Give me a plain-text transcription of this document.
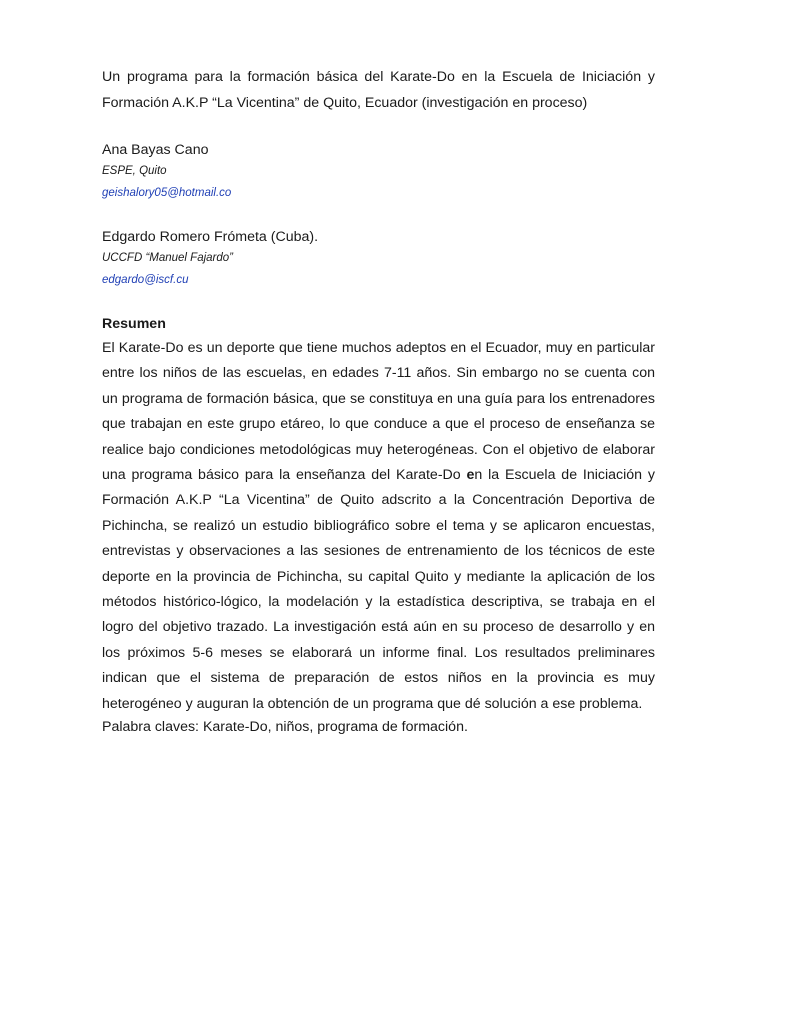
Un programa para la formación básica del Karate-Do en la Escuela de Iniciación y Formación A.K.P “La Vicentina” de Quito, Ecuador (investigación en proceso)

Ana Bayas Cano

ESPE, Quito

geishalory05@hotmail.co

Edgardo Romero Frómeta (Cuba).

UCCFD “Manuel Fajardo”

edgardo@iscf.cu

Resumen

El Karate-Do es un deporte que tiene muchos adeptos en el Ecuador, muy en particular entre los niños de las escuelas, en edades 7-11 años. Sin embargo no se cuenta con un programa de formación básica, que se constituya en una guía para los entrenadores que trabajan en este grupo etáreo, lo que conduce a que el proceso de enseñanza se realice bajo condiciones metodológicas muy heterogéneas. Con el objetivo de elaborar una programa básico para la enseñanza del Karate-Do en la Escuela de Iniciación y Formación A.K.P “La Vicentina” de Quito adscrito a la Concentración Deportiva de Pichincha, se realizó un estudio bibliográfico sobre el tema y se aplicaron encuestas, entrevistas y observaciones a las sesiones de entrenamiento de los técnicos de este deporte en la provincia de Pichincha, su capital Quito y mediante la aplicación de los métodos histórico-lógico, la modelación y la estadística descriptiva, se trabaja en el logro del objetivo trazado. La investigación está aún en su proceso de desarrollo y en los próximos 5-6 meses se elaborará un informe final. Los resultados preliminares indican que el sistema de preparación de estos niños en la provincia es muy heterogéneo y auguran la obtención de un programa que dé solución a ese problema.

Palabra claves: Karate-Do, niños, programa de formación.
